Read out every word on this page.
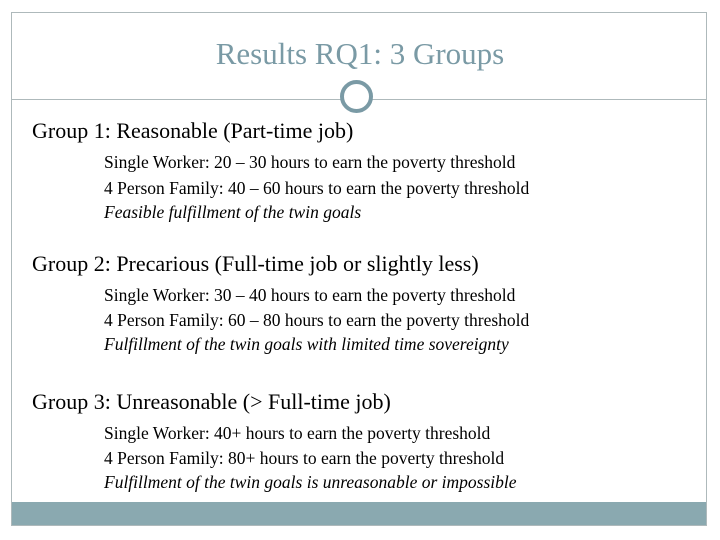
Results RQ1: 3 Groups
Group 1: Reasonable (Part-time job)
Single Worker: 20 – 30 hours to earn the poverty threshold
4 Person Family: 40 – 60 hours to earn the poverty threshold
Feasible fulfillment of the twin goals
Group 2: Precarious (Full-time job or slightly less)
Single Worker: 30 – 40 hours to earn the poverty threshold
4 Person Family: 60 – 80 hours to earn the poverty threshold
Fulfillment of the twin goals with limited time sovereignty
Group 3: Unreasonable (> Full-time job)
Single Worker: 40+ hours to earn the poverty threshold
4 Person Family: 80+ hours to earn the poverty threshold
Fulfillment of the twin goals is unreasonable or impossible
